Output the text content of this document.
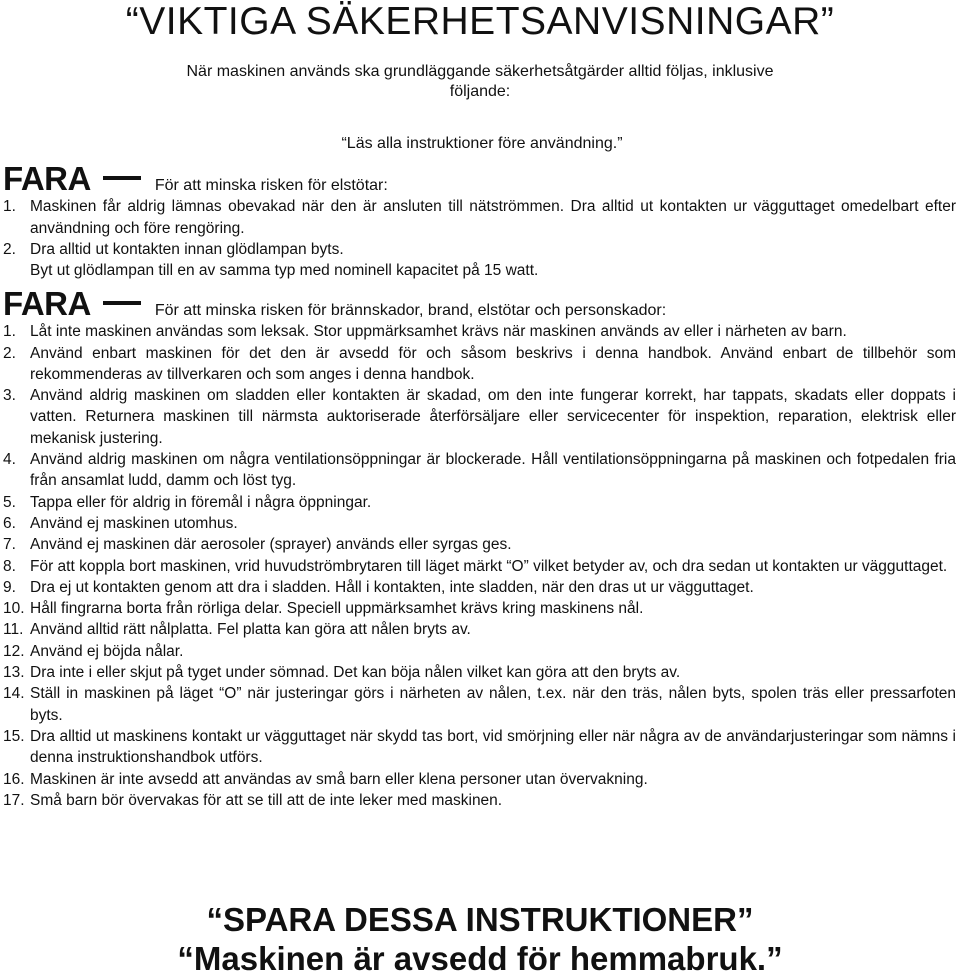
“VIKTIGA SÄKERHETSANVISNINGAR”
När maskinen används ska grundläggande säkerhetsåtgärder alltid följas, inklusive följande:
“Läs alla instruktioner före användning.”
FARA	För att minska risken för elstötar:
1. Maskinen får aldrig lämnas obevakad när den är ansluten till nätströmmen. Dra alltid ut kontakten ur vägguttaget omedelbart efter användning och före rengöring.
2. Dra alltid ut kontakten innan glödlampan byts.
Byt ut glödlampan till en av samma typ med nominell kapacitet på 15 watt.
FARA	För att minska risken för brännskador, brand, elstötar och personskador:
1. Låt inte maskinen användas som leksak. Stor uppmärksamhet krävs när maskinen används av eller i närheten av barn.
2. Använd enbart maskinen för det den är avsedd för och såsom beskrivs i denna handbok. Använd enbart de tillbehör som rekommenderas av tillverkaren och som anges i denna handbok.
3. Använd aldrig maskinen om sladden eller kontakten är skadad, om den inte fungerar korrekt, har tappats, skadats eller doppats i vatten. Returnera maskinen till närmsta auktoriserade återförsäljare eller servicecenter för inspektion, reparation, elektrisk eller mekanisk justering.
4. Använd aldrig maskinen om några ventilationsöppningar är blockerade. Håll ventilationsöppningarna på maskinen och fotpedalen fria från ansamlat ludd, damm och löst tyg.
5. Tappa eller för aldrig in föremål i några öppningar.
6. Använd ej maskinen utomhus.
7. Använd ej maskinen där aerosoler (sprayer) används eller syrgas ges.
8. För att koppla bort maskinen, vrid huvudströmbrytaren till läget märkt “O” vilket betyder av, och dra sedan ut kontakten ur vägguttaget.
9. Dra ej ut kontakten genom att dra i sladden. Håll i kontakten, inte sladden, när den dras ut ur vägguttaget.
10. Håll fingrarna borta från rörliga delar. Speciell uppmärksamhet krävs kring maskinens nål.
11. Använd alltid rätt nålplatta. Fel platta kan göra att nålen bryts av.
12. Använd ej böjda nålar.
13. Dra inte i eller skjut på tyget under sömnad. Det kan böja nålen vilket kan göra att den bryts av.
14. Ställ in maskinen på läget “O” när justeringar görs i närheten av nålen, t.ex. när den träs, nålen byts, spolen träs eller pressarfoten byts.
15. Dra alltid ut maskinens kontakt ur vägguttaget när skydd tas bort, vid smörjning eller när några av de användarjusteringar som nämns i denna instruktionshandbok utförs.
16. Maskinen är inte avsedd att användas av små barn eller klena personer utan övervakning.
17. Små barn bör övervakas för att se till att de inte leker med maskinen.
“SPARA DESSA INSTRUKTIONER”
“Maskinen är avsedd för hemmabruk.”
